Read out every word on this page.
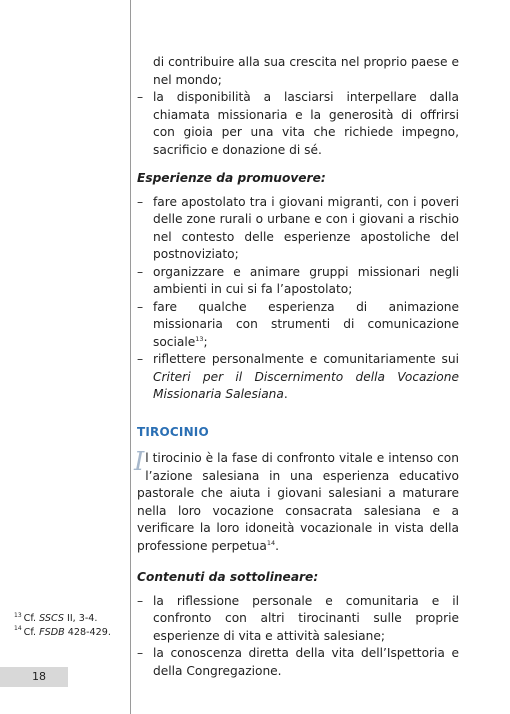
di contribuire alla sua crescita nel proprio paese e nel mondo;
– la disponibilità a lasciarsi interpellare dalla chiamata missionaria e la generosità di offrirsi con gioia per una vita che richiede impegno, sacrificio e donazione di sé.

Esperienze da promuovere:

– fare apostolato tra i giovani migranti, con i poveri delle zone rurali o urbane e con i giovani a rischio nel contesto delle esperienze apostoliche del postnoviziato;
– organizzare e animare gruppi missionari negli ambienti in cui si fa l’apostolato;
– fare qualche esperienza di animazione missionaria con strumenti di comunicazione sociale$^{13}$;
– riflettere personalmente e comunitariamente sui Criteri per il Discernimento della Vocazione Missionaria Salesiana.
TIROCINIO

Il tirocinio è la fase di confronto vitale e intenso con l’azione salesiana in una esperienza educativo pastorale che aiuta i giovani salesiani a maturare nella loro vocazione consacrata salesiana e a verificare la loro idoneità vocazionale in vista della professione perpetua$^{14}$.

Contenuti da sottolineare:

– la riflessione personale e comunitaria e il confronto con altri tirocinanti sulle proprie esperienze di vita e attività salesiane;
– la conoscenza diretta della vita dell’Ispettoria e della Congregazione.
$^{13}$ Cf. SSCS II, 3-4.
$^{14}$ Cf. FSDB 428-429.
18
